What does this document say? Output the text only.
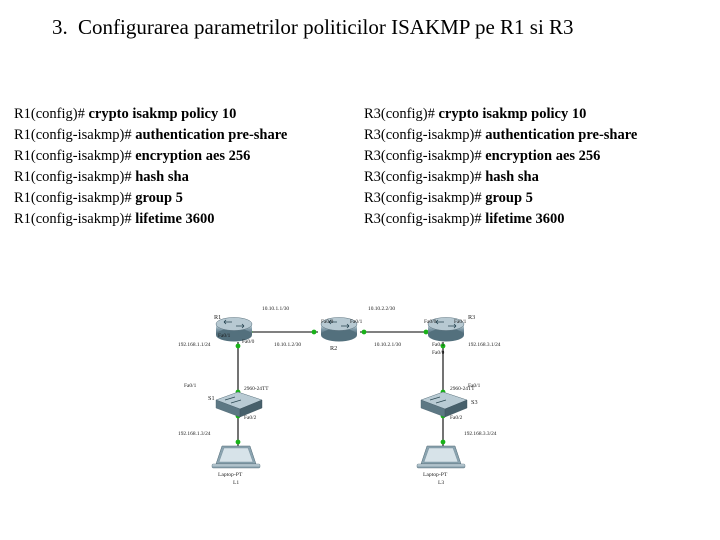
3. Configurarea parametrilor politicilor ISAKMP pe R1 si R3
R1(config)# crypto isakmp policy 10
R1(config-isakmp)# authentication pre-share
R1(config-isakmp)# encryption aes 256
R1(config-isakmp)# hash sha
R1(config-isakmp)# group 5
R1(config-isakmp)# lifetime 3600
R3(config)# crypto isakmp policy 10
R3(config-isakmp)# authentication pre-share
R3(config-isakmp)# encryption aes 256
R3(config-isakmp)# hash sha
R3(config-isakmp)# group 5
R3(config-isakmp)# lifetime 3600
R1
R2
R3
Fa0/1
Fa0/0
Fa0/0	Fa0/1	Fa0/0	Fa0/1
Fa0/1
Fa0/0
10.10.1.1/30	10.10.2.2/30
10.10.1.2/30	10.10.2.1/30
192.168.1.1/24	192.168.3.1/24
Fa0/1	Fa0/1
2960-24TT	2960-24TT
S1
S3
Fa0/2	Fa0/2
192.168.1.3/24	192.168.3.3/24
Laptop-PT
L1
Laptop-PT
L3
